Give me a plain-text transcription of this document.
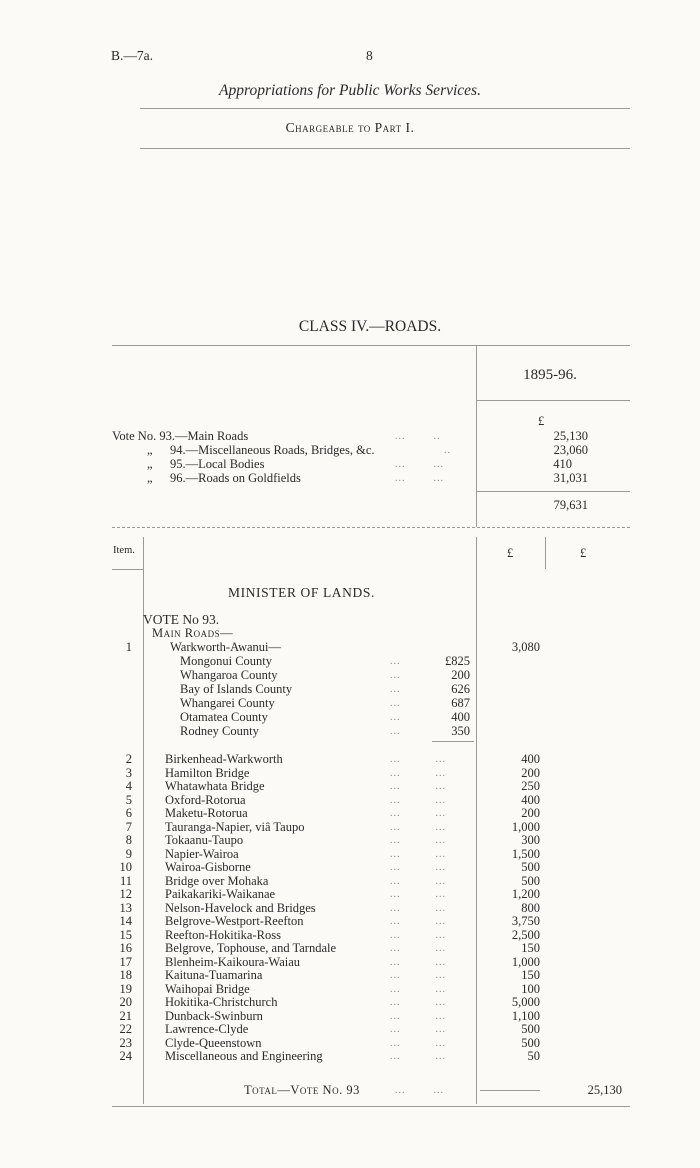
B.—7a.	8
Appropriations for Public Works Services.
Chargeable to Part I.
CLASS IV.—ROADS.
1895-96.
£
Vote No. 93.—Main Roads	...        ..	25,130
„ 94.—Miscellaneous Roads, Bridges, &c.	..	23,060
„ 95.—Local Bodies	...        ...	410
„ 96.—Roads on Goldfields	...        ...	31,031
79,631
Item.	£	£
MINISTER OF LANDS.
VOTE No 93.
Main Roads—
1	Warkworth-Awanui—	3,080
Mongonui County	...	£825
Whangaroa County	...	200
Bay of Islands County	...	626
Whangarei County	...	687
Otamatea County	...	400
Rodney County	...	350
2	Birkenhead-Warkworth	...          ...	400
3	Hamilton Bridge	...          ...	200
4	Whatawhata Bridge	...          ...	250
5	Oxford-Rotorua	...          ...	400
6	Maketu-Rotorua	...          ...	200
7	Tauranga-Napier, viâ Taupo	...          ...	1,000
8	Tokaanu-Taupo	...          ...	300
9	Napier-Wairoa	...          ...	1,500
10	Wairoa-Gisborne	...          ...	500
11	Bridge over Mohaka	...          ...	500
12	Paikakariki-Waikanae	...          ...	1,200
13	Nelson-Havelock and Bridges	...          ...	800
14	Belgrove-Westport-Reefton	...          ...	3,750
15	Reefton-Hokitika-Ross	...          ...	2,500
16	Belgrove, Tophouse, and Tarndale	...          ...	150
17	Blenheim-Kaikoura-Waiau	...          ...	1,000
18	Kaituna-Tuamarina	...          ...	150
19	Waihopai Bridge	...          ...	100
20	Hokitika-Christchurch	...          ...	5,000
21	Dunback-Swinburn	...          ...	1,100
22	Lawrence-Clyde	...          ...	500
23	Clyde-Queenstown	...          ...	500
24	Miscellaneous and Engineering	...          ...	50
Total—Vote No. 93	...        ...	25,130
